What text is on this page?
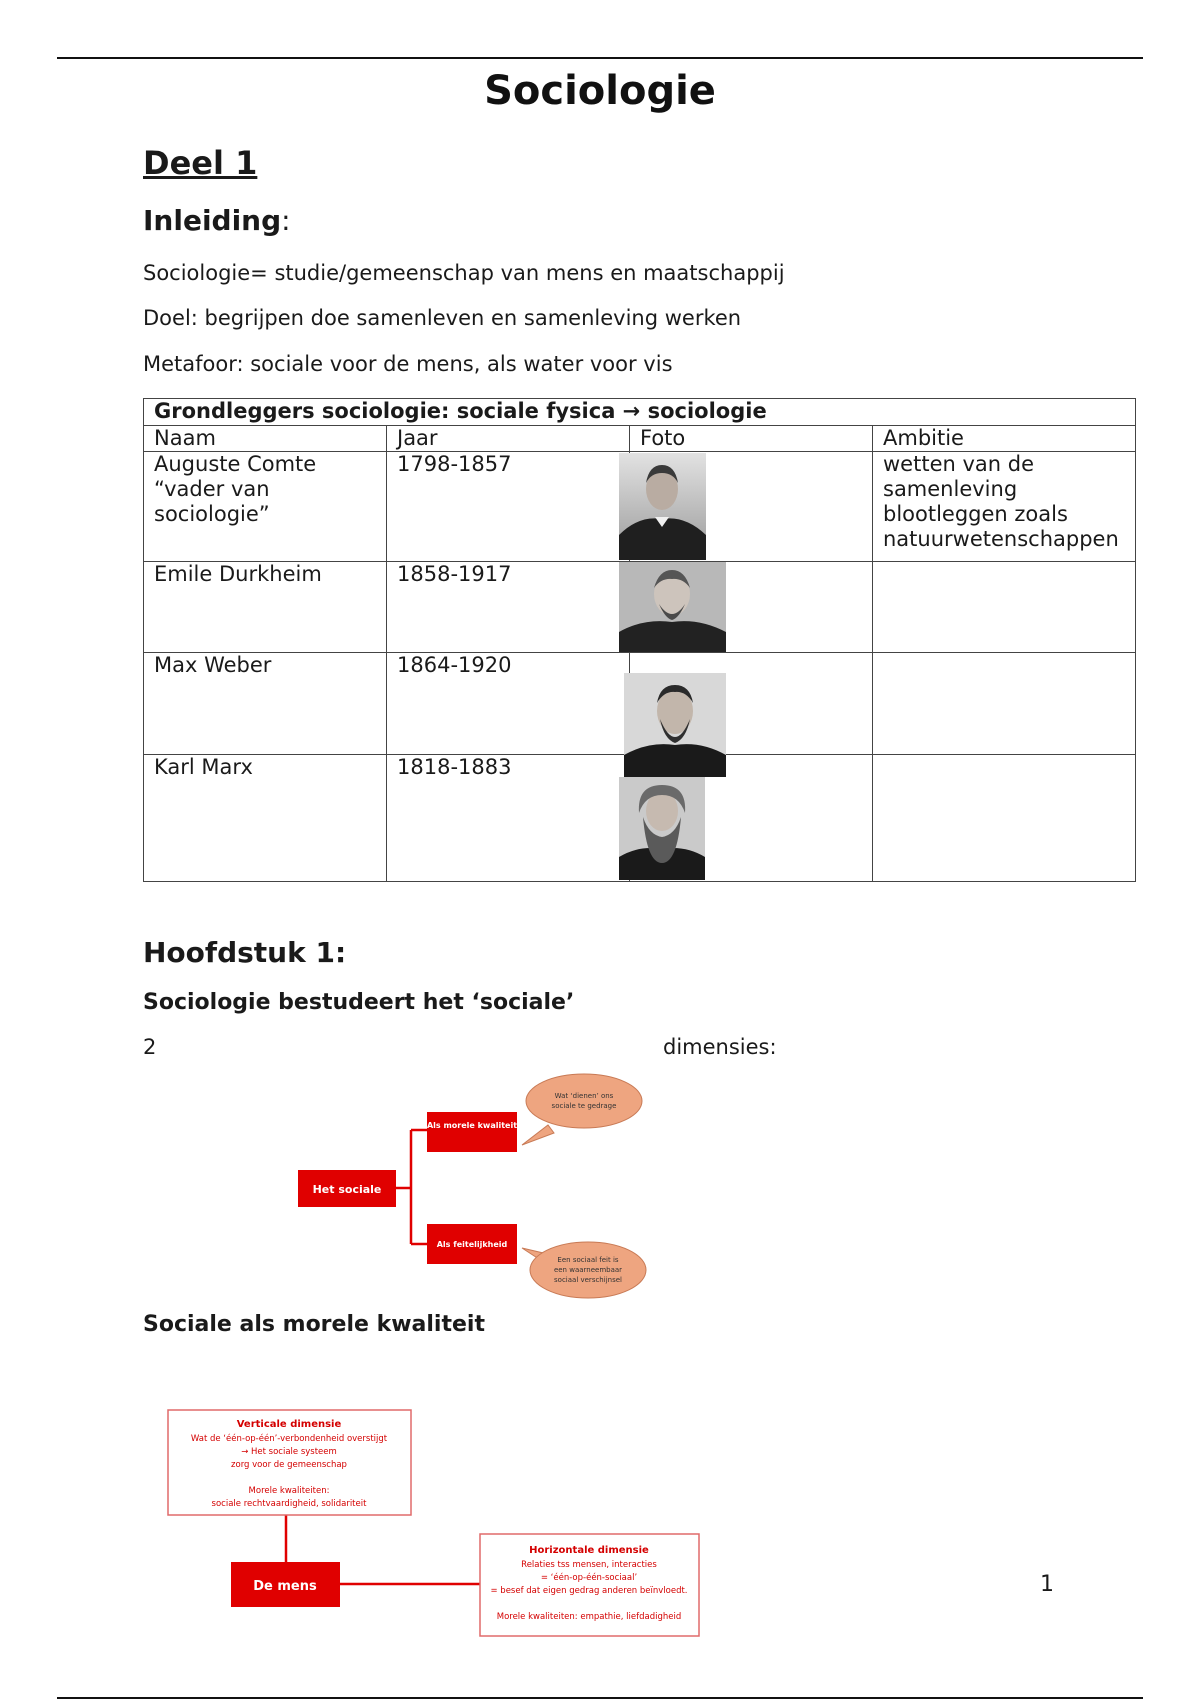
Sociologie
Deel 1
Inleiding:

Sociologie= studie/gemeenschap van mens en maatschappij

Doel: begrijpen doe samenleven en samenleving werken

Metafoor: sociale voor de mens, als water voor vis

Grondleggers sociologie: sociale fysica → sociologie			
Naam	Jaar	Foto	Ambitie
Auguste Comte “vader van sociologie”	1798-1857		wetten van de samenleving blootleggen zoals natuurwetenschappen
Emile Durkheim	1858-1917		
Max Weber	1864-1920		
Karl Marx	1818-1883		
Hoofdstuk 1:
Sociologie bestudeert het ‘sociale’
2	dimensies:
Het sociale
Als morele kwaliteit
Als feitelijkheid
Wat ‘dienen’ ons
sociale te gedrage
Een sociaal feit is
een waarneembaar
sociaal verschijnsel
Sociale als morele kwaliteit
Verticale dimensie
Wat de ‘één-op-één’-verbondenheid overstijgt
→ Het sociale systeem
zorg voor de gemeenschap
Morele kwaliteiten:
sociale rechtvaardigheid, solidariteit
De mens
Horizontale dimensie
Relaties tss mensen, interacties
= ‘één-op-één-sociaal’
= besef dat eigen gedrag anderen beïnvloedt.
Morele kwaliteiten: empathie, liefdadigheid
1
